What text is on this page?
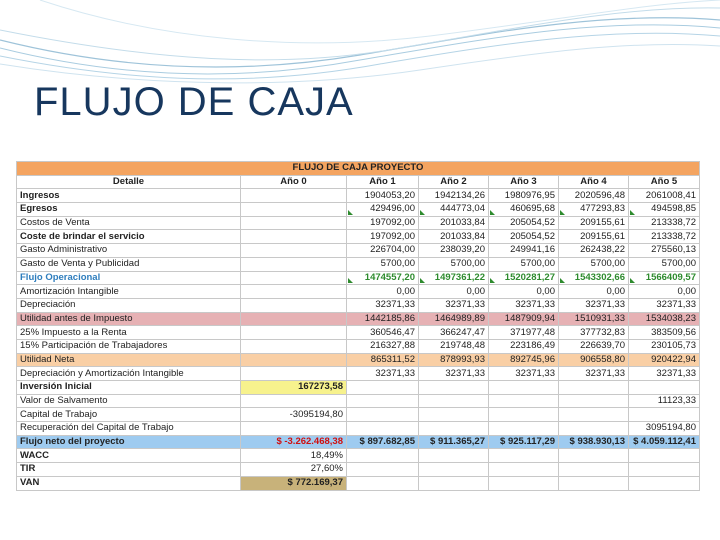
FLUJO DE CAJA
FLUJO DE CAJA PROYECTO						
Detalle	Año 0	Año 1	Año 2	Año 3	Año 4	Año 5
Ingresos		1904053,20	1942134,26	1980976,95	2020596,48	2061008,41
Egresos		429496,00	444773,04	460695,68	477293,83	494598,85
Costos de Venta		197092,00	201033,84	205054,52	209155,61	213338,72
Coste de brindar el servicio		197092,00	201033,84	205054,52	209155,61	213338,72
Gasto Administrativo		226704,00	238039,20	249941,16	262438,22	275560,13
Gasto de Venta y Publicidad		5700,00	5700,00	5700,00	5700,00	5700,00
Flujo Operacional		1474557,20	1497361,22	1520281,27	1543302,66	1566409,57
Amortización Intangible		0,00	0,00	0,00	0,00	0,00
Depreciación		32371,33	32371,33	32371,33	32371,33	32371,33
Utilidad antes de Impuesto		1442185,86	1464989,89	1487909,94	1510931,33	1534038,23
25% Impuesto a la Renta		360546,47	366247,47	371977,48	377732,83	383509,56
15% Participación de Trabajadores		216327,88	219748,48	223186,49	226639,70	230105,73
Utilidad Neta		865311,52	878993,93	892745,96	906558,80	920422,94
Depreciación y Amortización Intangible		32371,33	32371,33	32371,33	32371,33	32371,33
Inversión Inicial	167273,58					
Valor de Salvamento						11123,33
Capital de Trabajo	-3095194,80					
Recuperación del Capital de Trabajo						3095194,80
Flujo neto del proyecto	$ -3.262.468,38	$ 897.682,85	$ 911.365,27	$ 925.117,29	$ 938.930,13	$ 4.059.112,41
WACC	18,49%					
TIR	27,60%					
VAN	$ 772.169,37					
